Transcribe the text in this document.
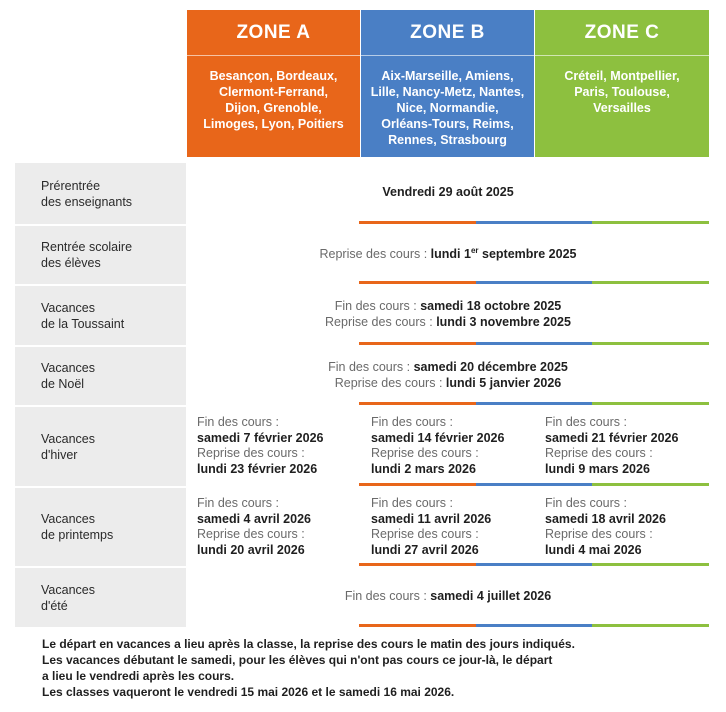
ZONE A
Besançon, Bordeaux,
Clermont-Ferrand,
Dijon, Grenoble,
Limoges, Lyon, Poitiers
ZONE B
Aix-Marseille, Amiens,
Lille, Nancy-Metz, Nantes,
Nice, Normandie,
Orléans-Tours, Reims,
Rennes, Strasbourg
ZONE C
Créteil, Montpellier,
Paris, Toulouse,
Versailles
Prérentrée
des enseignants
Vendredi 29 août 2025
Rentrée scolaire
des élèves
Reprise des cours : lundi 1er septembre 2025
Vacances
de la Toussaint
Fin des cours : samedi 18 octobre 2025
Reprise des cours : lundi 3 novembre 2025
Vacances
de Noël
Fin des cours : samedi 20 décembre 2025
Reprise des cours : lundi 5 janvier 2026
Vacances
d'hiver
Fin des cours :
samedi 7 février 2026
Reprise des cours :
lundi 23 février 2026
Fin des cours :
samedi 14 février 2026
Reprise des cours :
lundi 2 mars 2026
Fin des cours :
samedi 21 février 2026
Reprise des cours :
lundi 9 mars 2026
Vacances
de printemps
Fin des cours :
samedi 4 avril 2026
Reprise des cours :
lundi 20 avril 2026
Fin des cours :
samedi 11 avril 2026
Reprise des cours :
lundi 27 avril 2026
Fin des cours :
samedi 18 avril 2026
Reprise des cours :
lundi 4 mai 2026
Vacances
d'été
Fin des cours : samedi 4 juillet 2026
Le départ en vacances a lieu après la classe, la reprise des cours le matin des jours indiqués.
Les vacances débutant le samedi, pour les élèves qui n'ont pas cours ce jour-là, le départ
a lieu le vendredi après les cours.
Les classes vaqueront le vendredi 15 mai 2026 et le samedi 16 mai 2026.
